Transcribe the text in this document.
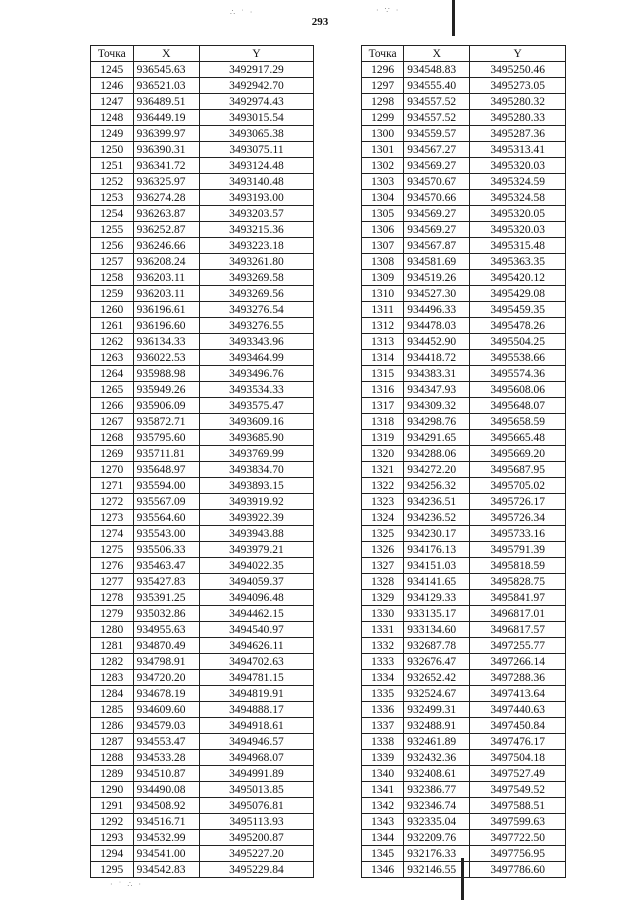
293
∴ ˙ ·	· ∵ ·
· ˙ ∴ ·
Точка	X	Y
1245	936545.63	3492917.29
1246	936521.03	3492942.70
1247	936489.51	3492974.43
1248	936449.19	3493015.54
1249	936399.97	3493065.38
1250	936390.31	3493075.11
1251	936341.72	3493124.48
1252	936325.97	3493140.48
1253	936274.28	3493193.00
1254	936263.87	3493203.57
1255	936252.87	3493215.36
1256	936246.66	3493223.18
1257	936208.24	3493261.80
1258	936203.11	3493269.58
1259	936203.11	3493269.56
1260	936196.61	3493276.54
1261	936196.60	3493276.55
1262	936134.33	3493343.96
1263	936022.53	3493464.99
1264	935988.98	3493496.76
1265	935949.26	3493534.33
1266	935906.09	3493575.47
1267	935872.71	3493609.16
1268	935795.60	3493685.90
1269	935711.81	3493769.99
1270	935648.97	3493834.70
1271	935594.00	3493893.15
1272	935567.09	3493919.92
1273	935564.60	3493922.39
1274	935543.00	3493943.88
1275	935506.33	3493979.21
1276	935463.47	3494022.35
1277	935427.83	3494059.37
1278	935391.25	3494096.48
1279	935032.86	3494462.15
1280	934955.63	3494540.97
1281	934870.49	3494626.11
1282	934798.91	3494702.63
1283	934720.20	3494781.15
1284	934678.19	3494819.91
1285	934609.60	3494888.17
1286	934579.03	3494918.61
1287	934553.47	3494946.57
1288	934533.28	3494968.07
1289	934510.87	3494991.89
1290	934490.08	3495013.85
1291	934508.92	3495076.81
1292	934516.71	3495113.93
1293	934532.99	3495200.87
1294	934541.00	3495227.20
1295	934542.83	3495229.84
Точка	X	Y
1296	934548.83	3495250.46
1297	934555.40	3495273.05
1298	934557.52	3495280.32
1299	934557.52	3495280.33
1300	934559.57	3495287.36
1301	934567.27	3495313.41
1302	934569.27	3495320.03
1303	934570.67	3495324.59
1304	934570.66	3495324.58
1305	934569.27	3495320.05
1306	934569.27	3495320.03
1307	934567.87	3495315.48
1308	934581.69	3495363.35
1309	934519.26	3495420.12
1310	934527.30	3495429.08
1311	934496.33	3495459.35
1312	934478.03	3495478.26
1313	934452.90	3495504.25
1314	934418.72	3495538.66
1315	934383.31	3495574.36
1316	934347.93	3495608.06
1317	934309.32	3495648.07
1318	934298.76	3495658.59
1319	934291.65	3495665.48
1320	934288.06	3495669.20
1321	934272.20	3495687.95
1322	934256.32	3495705.02
1323	934236.51	3495726.17
1324	934236.52	3495726.34
1325	934230.17	3495733.16
1326	934176.13	3495791.39
1327	934151.03	3495818.59
1328	934141.65	3495828.75
1329	934129.33	3495841.97
1330	933135.17	3496817.01
1331	933134.60	3496817.57
1332	932687.78	3497255.77
1333	932676.47	3497266.14
1334	932652.42	3497288.36
1335	932524.67	3497413.64
1336	932499.31	3497440.63
1337	932488.91	3497450.84
1338	932461.89	3497476.17
1339	932432.36	3497504.18
1340	932408.61	3497527.49
1341	932386.77	3497549.52
1342	932346.74	3497588.51
1343	932335.04	3497599.63
1344	932209.76	3497722.50
1345	932176.33	3497756.95
1346	932146.55	3497786.60
